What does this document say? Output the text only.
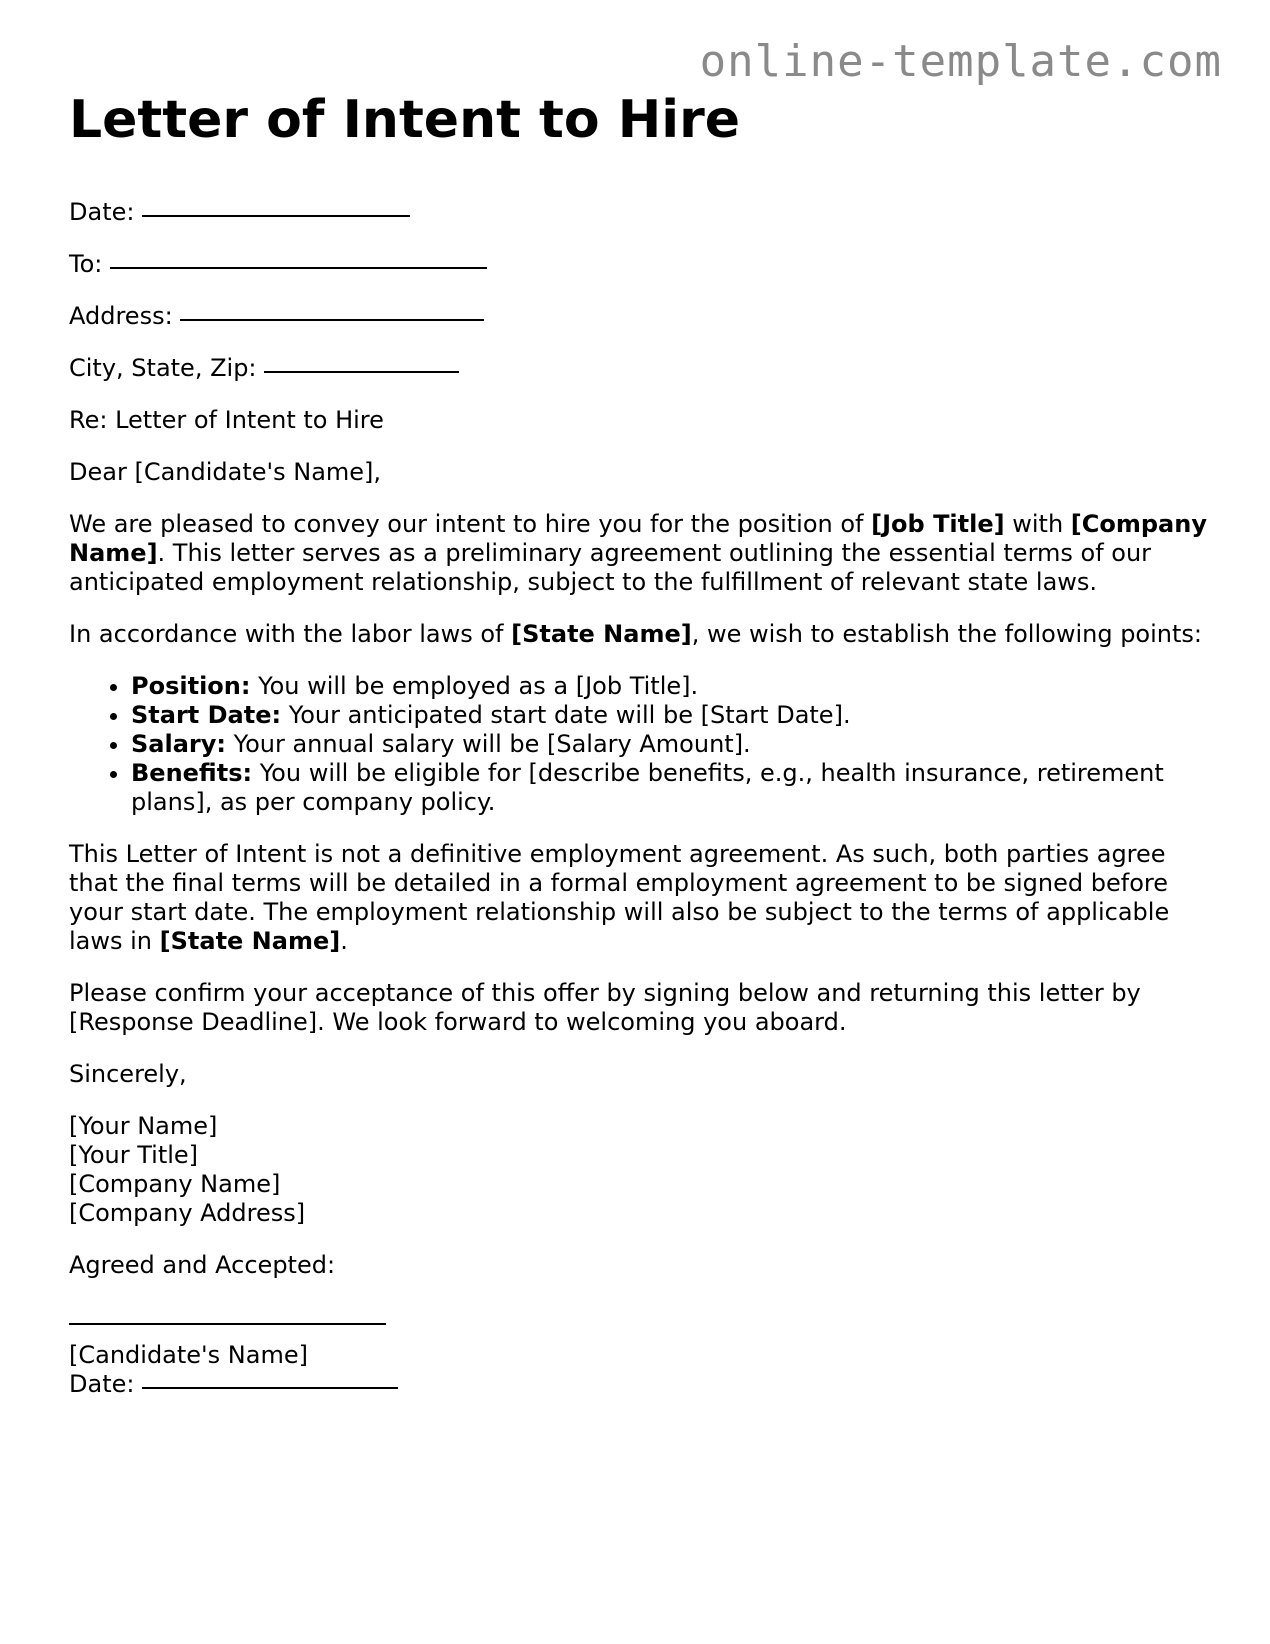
online-template.com
Letter of Intent to Hire
Date:
To:
Address:
City, State, Zip:

Re: Letter of Intent to Hire

Dear [Candidate's Name],

We are pleased to convey our intent to hire you for the position of [Job Title] with [Company Name]. This letter serves as a preliminary agreement outlining the essential terms of our anticipated employment relationship, subject to the fulfillment of relevant state laws.

In accordance with the labor laws of [State Name], we wish to establish the following points:

• Position: You will be employed as a [Job Title].
• Start Date: Your anticipated start date will be [Start Date].
• Salary: Your annual salary will be [Salary Amount].
• Benefits: You will be eligible for [describe benefits, e.g., health insurance, retirement plans], as per company policy.

This Letter of Intent is not a definitive employment agreement. As such, both parties agree that the final terms will be detailed in a formal employment agreement to be signed before your start date. The employment relationship will also be subject to the terms of applicable laws in [State Name].

Please confirm your acceptance of this offer by signing below and returning this letter by [Response Deadline]. We look forward to welcoming you aboard.

Sincerely,

[Your Name]
[Your Title]
[Company Name]
[Company Address]

Agreed and Accepted:

[Candidate's Name]
Date:
